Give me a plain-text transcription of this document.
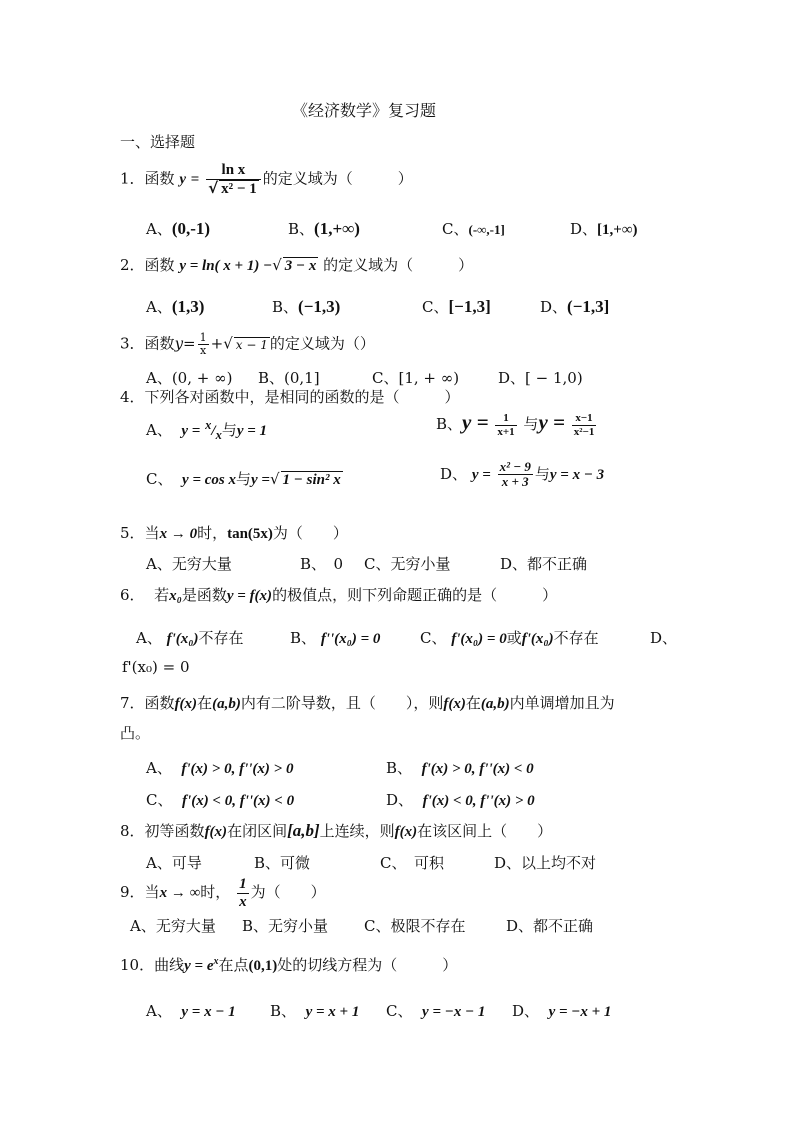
《经济数学》复习题
一、选择题
1．函数 $y = \frac{\text{ln x}}{\text{√ x² − 1}}$ 的定义域为（　　　）
A、(0,-1)	B、(1,+∞)	C、(-∞,-1]	D、[1,+∞)
2．函数 y = ln( x + 1) −√ 3 − x 的定义域为（　　　）
A、(1,3)	B、(−1,3)	C、[−1,3]	D、(−1,3]
3．函数$y= \frac{1}{x}$ +√ x − 1 的定义域为（）
A、(0, + ∞) B、(0,1]	C、[1, + ∞)	D、[ − 1,0)
4．下列各对函数中，是相同的函数的是（　　　）
A、 $y = ^x/_x$与y = 1	B、$y = \frac{1}{x+1}$ 与$y = \frac{x-1}{\text{x²−1}}$
C、 y = cos x与y =√ 1 − sin² x	D、 $y = \frac{\text{x² − 9}}{x + 3}$ 与y = x − 3
5．当x → 0时，tan(5x)为（　　）
A、无穷大量	B、　0 C、无穷小量	D、都不正确
6． 若x₀是函数y = f(x)的极值点，则下列命题正确的是（　　　）
A、 f'(x₀)不存在	B、 f''(x₀) = 0	C、 f'(x₀) = 0或f'(x₀)不存在	D、
f'(x₀) = 0
7．函数f(x)在(a,b)内有二阶导数，且（　　），则f(x)在(a,b)内单调增加且为
凸。
A、 f'(x) > 0, f''(x) > 0	B、 f'(x) > 0, f''(x) < 0
C、 f'(x) < 0, f''(x) < 0	D、 f'(x) < 0, f''(x) > 0
8．初等函数f(x)在闭区间[a,b]上连续，则f(x)在该区间上（　　）
A、可导	B、可微	C、　可积	D、以上均不对
9．当x → ∞时， $\frac{1}{x}$ 为（　　）
A、无穷大量 B、无穷小量 C、极限不存在	D、都不正确
10．曲线$y = e^x$在点(0,1)处的切线方程为（　　　）
A、 y = x − 1 B、 y = x + 1 C、 y = −x − 1 D、 y = −x + 1
